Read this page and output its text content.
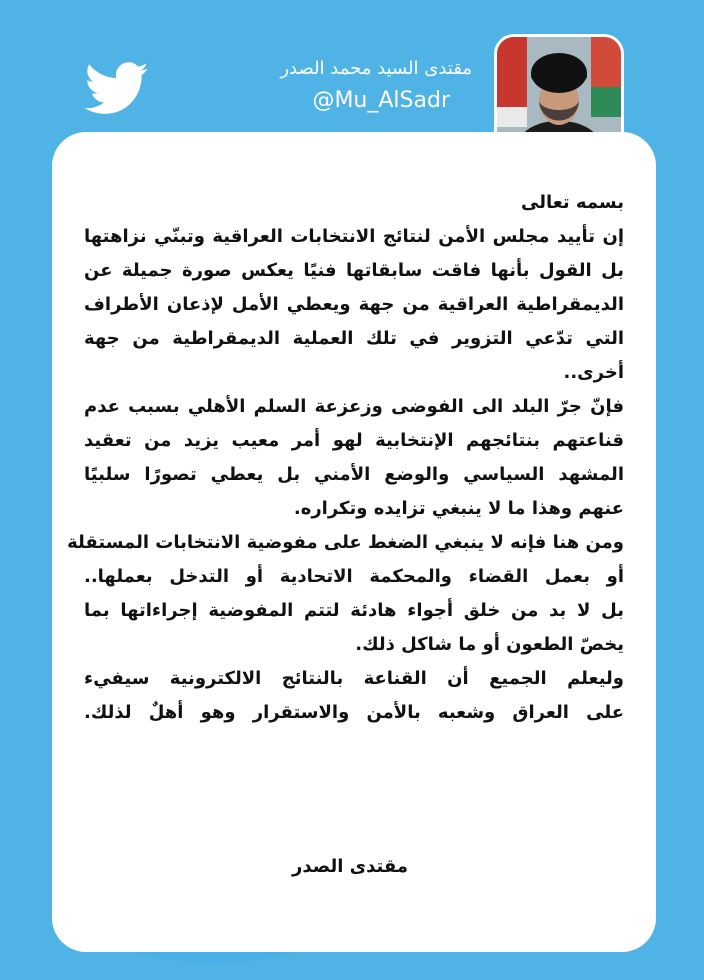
مقتدى السيد محمد الصدر
@Mu_AlSadr
بسمه تعالى
إن تأييد مجلس الأمن لنتائج الانتخابات العراقية وتبنّي نزاهتها
بل القول بأنها فاقت سابقاتها فنيًا يعكس صورة جميلة عن
الديمقراطية العراقية من جهة ويعطي الأمل لإذعان الأطراف
التي تدّعي التزوير في تلك العملية الديمقراطية من جهة
أخرى..
فإنّ جرّ البلد الى الفوضى وزعزعة السلم الأهلي بسبب عدم
قناعتهم بنتائجهم الإنتخابية لهو أمر معيب يزيد من تعقيد
المشهد السياسي والوضع الأمني بل يعطي تصورًا سلبيًا
عنهم وهذا ما لا ينبغي تزايده وتكراره.
ومن هنا فإنه لا ينبغي الضغط على مفوضية الانتخابات المستقلة
أو بعمل القضاء والمحكمة الاتحادية أو التدخل بعملها..
بل لا بد من خلق أجواء هادئة لتتم المفوضية إجراءاتها بما
يخصّ الطعون أو ما شاكل ذلك.
وليعلم الجميع أن القناعة بالنتائج الالكترونية سيفيء
على العراق وشعبه بالأمن والاستقرار وهو أهلٌ لذلك.
مقتدى الصدر
